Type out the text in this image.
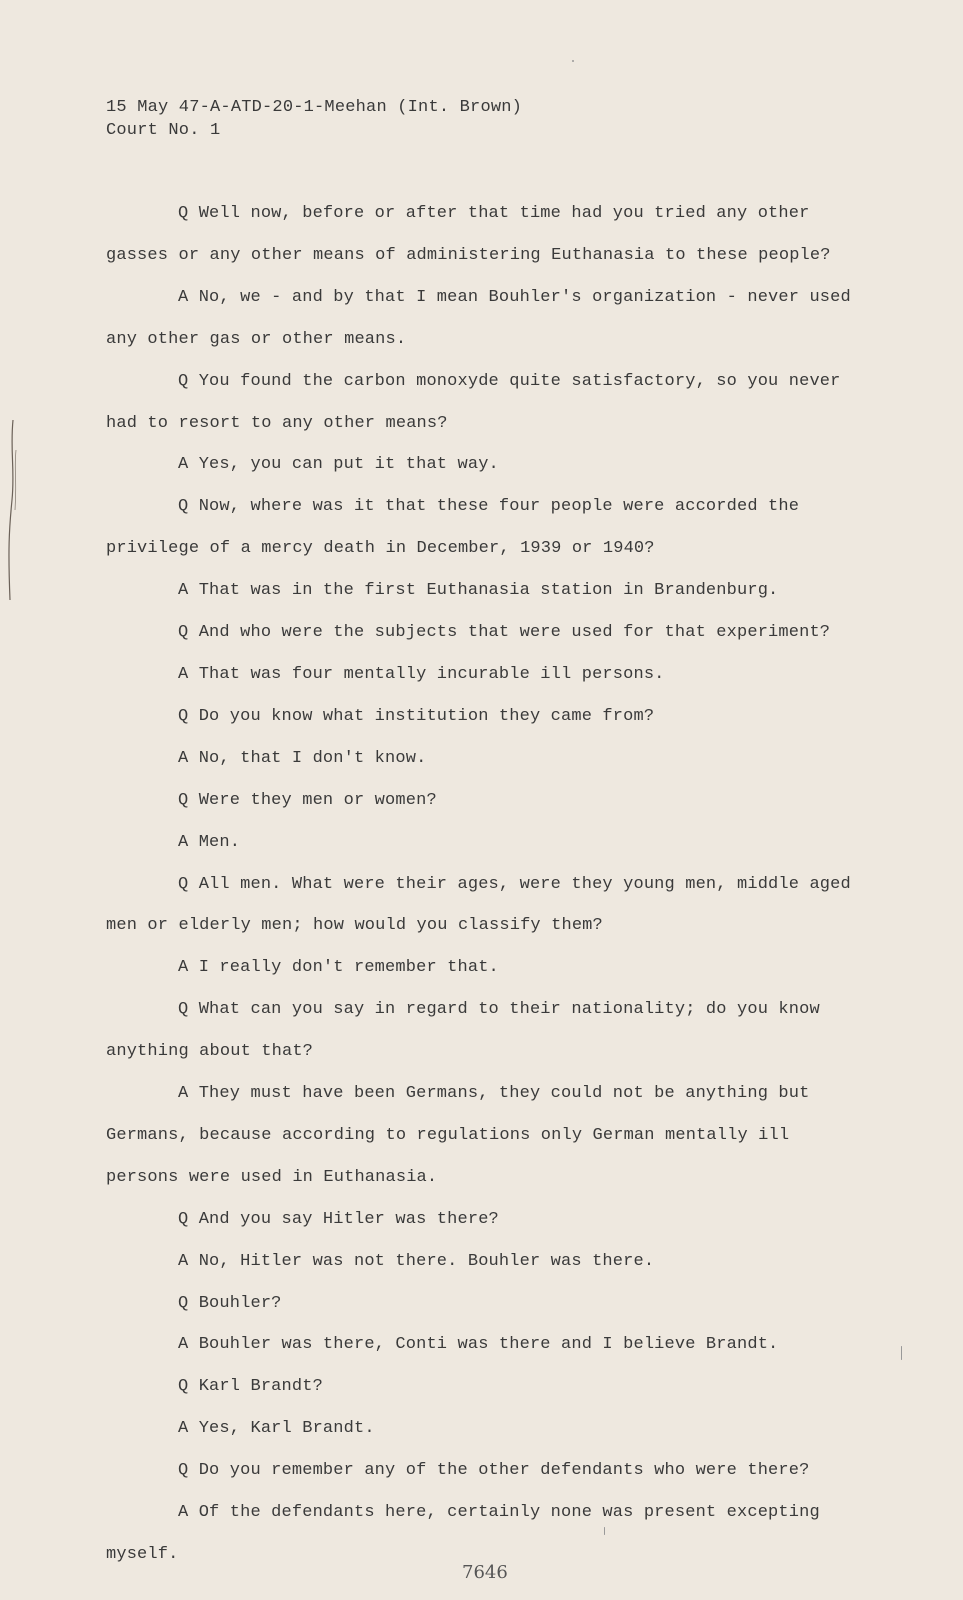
15 May 47-A-ATD-20-1-Meehan (Int. Brown)
Court No. 1

Q Well now, before or after that time had you tried any other gasses or any other means of administering Euthanasia to these people?

A No, we - and by that I mean Bouhler's organization - never used any other gas or other means.

Q You found the carbon monoxyde quite satisfactory, so you never had to resort to any other means?

A Yes, you can put it that way.

Q Now, where was it that these four people were accorded the privilege of a mercy death in December, 1939 or 1940?

A That was in the first Euthanasia station in Brandenburg.

Q And who were the subjects that were used for that experiment?

A That was four mentally incurable ill persons.

Q Do you know what institution they came from?

A No, that I don't know.

Q Were they men or women?

A Men.

Q All men. What were their ages, were they young men, middle aged men or elderly men; how would you classify them?

A I really don't remember that.

Q What can you say in regard to their nationality; do you know anything about that?

A They must have been Germans, they could not be anything but Germans, because according to regulations only German mentally ill persons were used in Euthanasia.

Q And you say Hitler was there?

A No, Hitler was not there. Bouhler was there.

Q Bouhler?

A Bouhler was there, Conti was there and I believe Brandt.

Q Karl Brandt?

A Yes, Karl Brandt.

Q Do you remember any of the other defendants who were there?

A Of the defendants here, certainly none was present excepting myself.

7646
